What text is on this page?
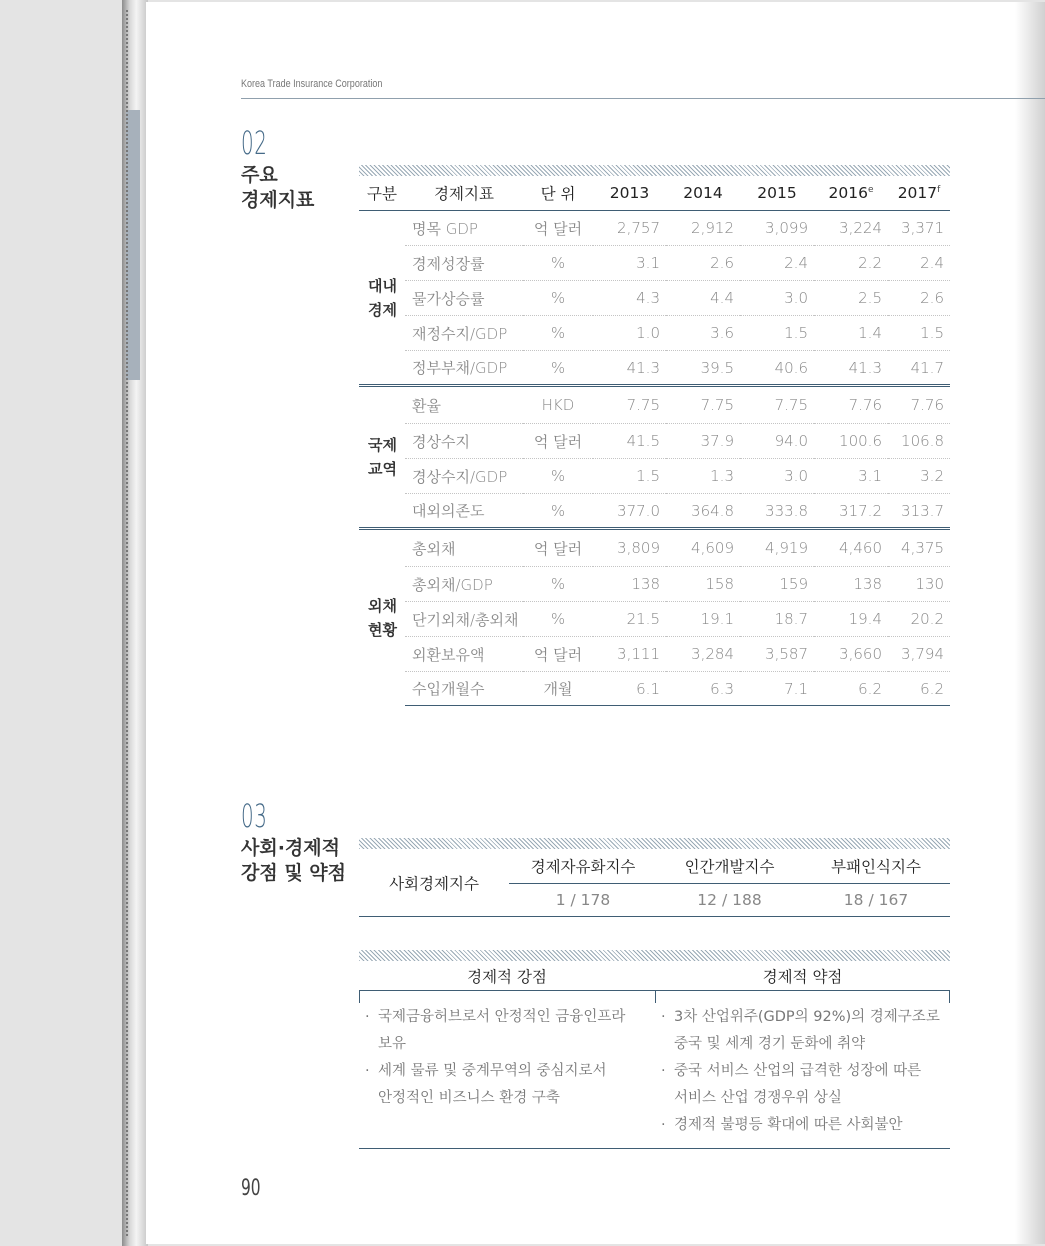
Korea Trade Insurance Corporation
02
주요
경제지표	구분	경제지표	단 위	2013	2014	2015	2016e	2017$^f$

대내
경제	명목 GDP	억 달러	2,757	2,912	3,099	3,224	3,371
	경제성장률	%	3.1	2.6	2.4	2.2	2.4
	물가상승률	%	4.3	4.4	3.0	2.5	2.6
	재정수지/GDP	%	1.0	3.6	1.5	1.4	1.5
	정부부채/GDP	%	41.3	39.5	40.6	41.3	41.7

국제
교역	환율	HKD	7.75	7.75	7.75	7.76	7.76
	경상수지	억 달러	41.5	37.9	94.0	100.6	106.8
	경상수지/GDP	%	1.5	1.3	3.0	3.1	3.2
	대외의존도	%	377.0	364.8	333.8	317.2	313.7

외채
현황	총외채	억 달러	3,809	4,609	4,919	4,460	4,375
	총외채/GDP	%	138	158	159	138	130
	단기외채/총외채	%	21.5	19.1	18.7	19.4	20.2
	외환보유액	억 달러	3,111	3,284	3,587	3,660	3,794
	수입개월수	개월	6.1	6.3	7.1	6.2	6.2
03
사회·경제적
강점 및 약점	사회경제지수	경제자유화지수	인간개발지수	부패인식지수
	1 / 178	12 / 188	18 / 167
경제적 강점	경제적 약점
· 국제금융허브로서 안정적인 금융인프라
보유
· 세계 물류 및 중계무역의 중심지로서
안정적인 비즈니스 환경 구축
· 3차 산업위주(GDP의 92%)의 경제구조로
중국 및 세계 경기 둔화에 취약
· 중국 서비스 산업의 급격한 성장에 따른
서비스 산업 경쟁우위 상실
· 경제적 불평등 확대에 따른 사회불안
90
